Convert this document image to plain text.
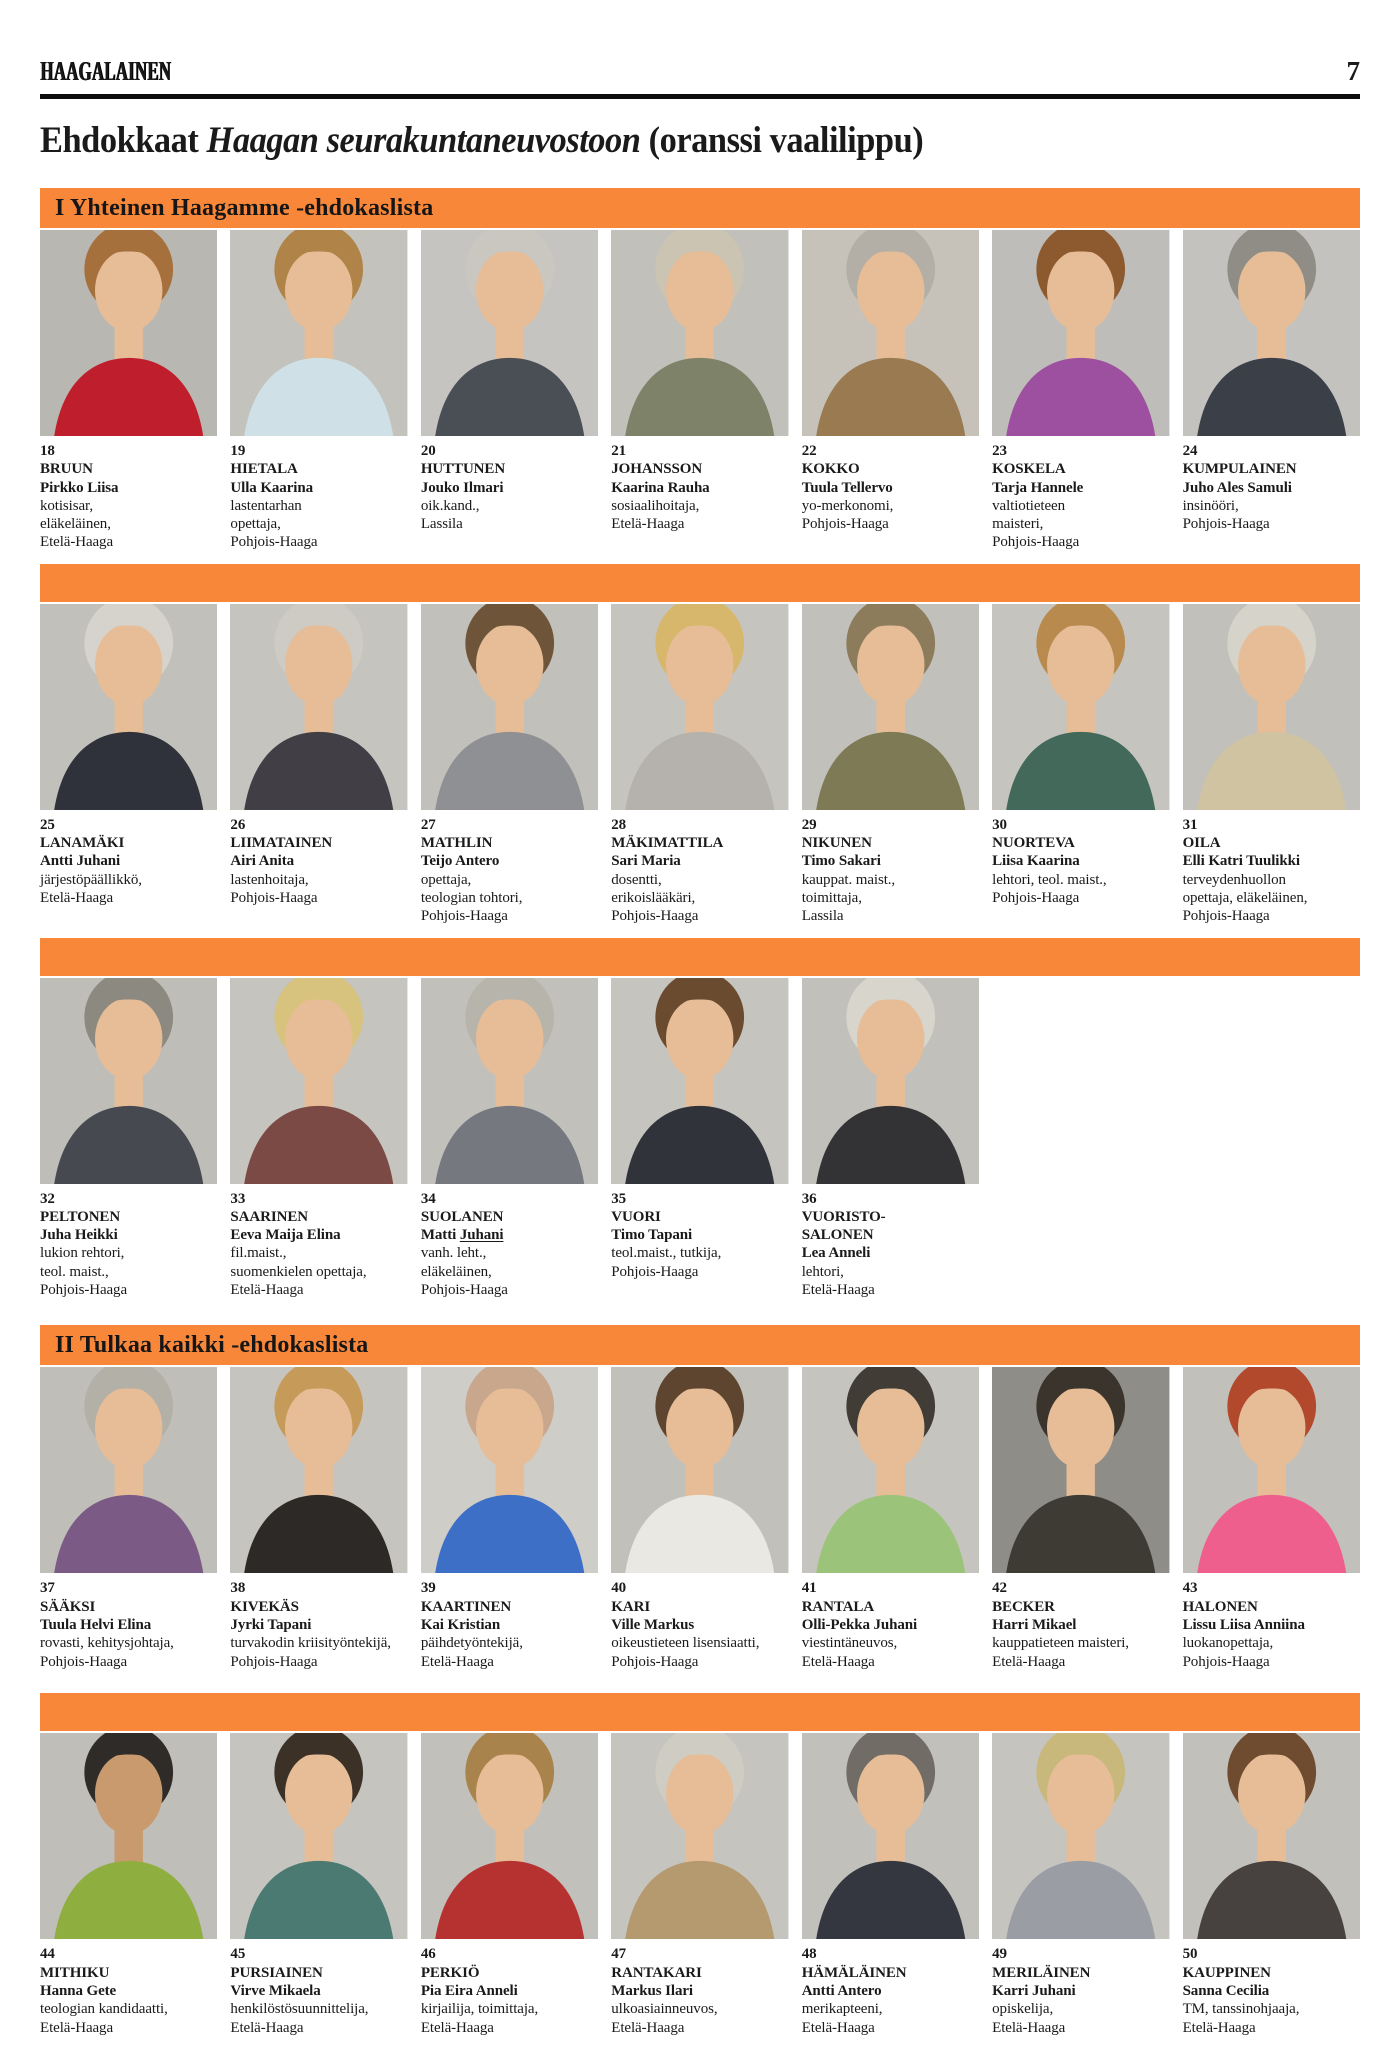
HAAGALAINEN	7
Ehdokkaat Haagan seurakuntaneuvostoon (oranssi vaalilippu)
I Yhteinen Haagamme -ehdokaslista
18
BRUUN
Pirkko Liisa
kotisisar,
eläkeläinen,
Etelä-Haaga
19
HIETALA
Ulla Kaarina
lastentarhan
opettaja,
Pohjois-Haaga
20
HUTTUNEN
Jouko Ilmari
oik.kand.,
Lassila
21
JOHANSSON
Kaarina Rauha
sosiaalihoitaja,
Etelä-Haaga
22
KOKKO
Tuula Tellervo
yo-merkonomi,
Pohjois-Haaga
23
KOSKELA
Tarja Hannele
valtiotieteen
maisteri,
Pohjois-Haaga
24
KUMPULAINEN
Juho Ales Samuli
insinööri,
Pohjois-Haaga
25
LANAMÄKI
Antti Juhani
järjestöpäällikkö,
Etelä-Haaga
26
LIIMATAINEN
Airi Anita
lastenhoitaja,
Pohjois-Haaga
27
MATHLIN
Teijo Antero
opettaja,
teologian tohtori,
Pohjois-Haaga
28
MÄKIMATTILA
Sari Maria
dosentti,
erikoislääkäri,
Pohjois-Haaga
29
NIKUNEN
Timo Sakari
kauppat. maist.,
toimittaja,
Lassila
30
NUORTEVA
Liisa Kaarina
lehtori, teol. maist.,
Pohjois-Haaga
31
OILA
Elli Katri Tuulikki
terveydenhuollon
opettaja, eläkeläinen,
Pohjois-Haaga
32
PELTONEN
Juha Heikki
lukion rehtori,
teol. maist.,
Pohjois-Haaga
33
SAARINEN
Eeva Maija Elina
fil.maist.,
suomenkielen opettaja,
Etelä-Haaga
34
SUOLANEN
Matti Juhani
vanh. leht.,
eläkeläinen,
Pohjois-Haaga
35
VUORI
Timo Tapani
teol.maist., tutkija,
Pohjois-Haaga
36
VUORISTO-
SALONEN
Lea Anneli
lehtori,
Etelä-Haaga
II Tulkaa kaikki -ehdokaslista
37
SÄÄKSI
Tuula Helvi Elina
rovasti, kehitysjohtaja,
Pohjois-Haaga
38
KIVEKÄS
Jyrki Tapani
turvakodin kriisityöntekijä,
Pohjois-Haaga
39
KAARTINEN
Kai Kristian
päihdetyöntekijä,
Etelä-Haaga
40
KARI
Ville Markus
oikeustieteen lisensiaatti,
Pohjois-Haaga
41
RANTALA
Olli-Pekka Juhani
viestintäneuvos,
Etelä-Haaga
42
BECKER
Harri Mikael
kauppatieteen maisteri,
Etelä-Haaga
43
HALONEN
Lissu Liisa Anniina
luokanopettaja,
Pohjois-Haaga
44
MITHIKU
Hanna Gete
teologian kandidaatti,
Etelä-Haaga
45
PURSIAINEN
Virve Mikaela
henkilöstösuunnittelija,
Etelä-Haaga
46
PERKIÖ
Pia Eira Anneli
kirjailija, toimittaja,
Etelä-Haaga
47
RANTAKARI
Markus Ilari
ulkoasiainneuvos,
Etelä-Haaga
48
HÄMÄLÄINEN
Antti Antero
merikapteeni,
Etelä-Haaga
49
MERILÄINEN
Karri Juhani
opiskelija,
Etelä-Haaga
50
KAUPPINEN
Sanna Cecilia
TM, tanssinohjaaja,
Etelä-Haaga
